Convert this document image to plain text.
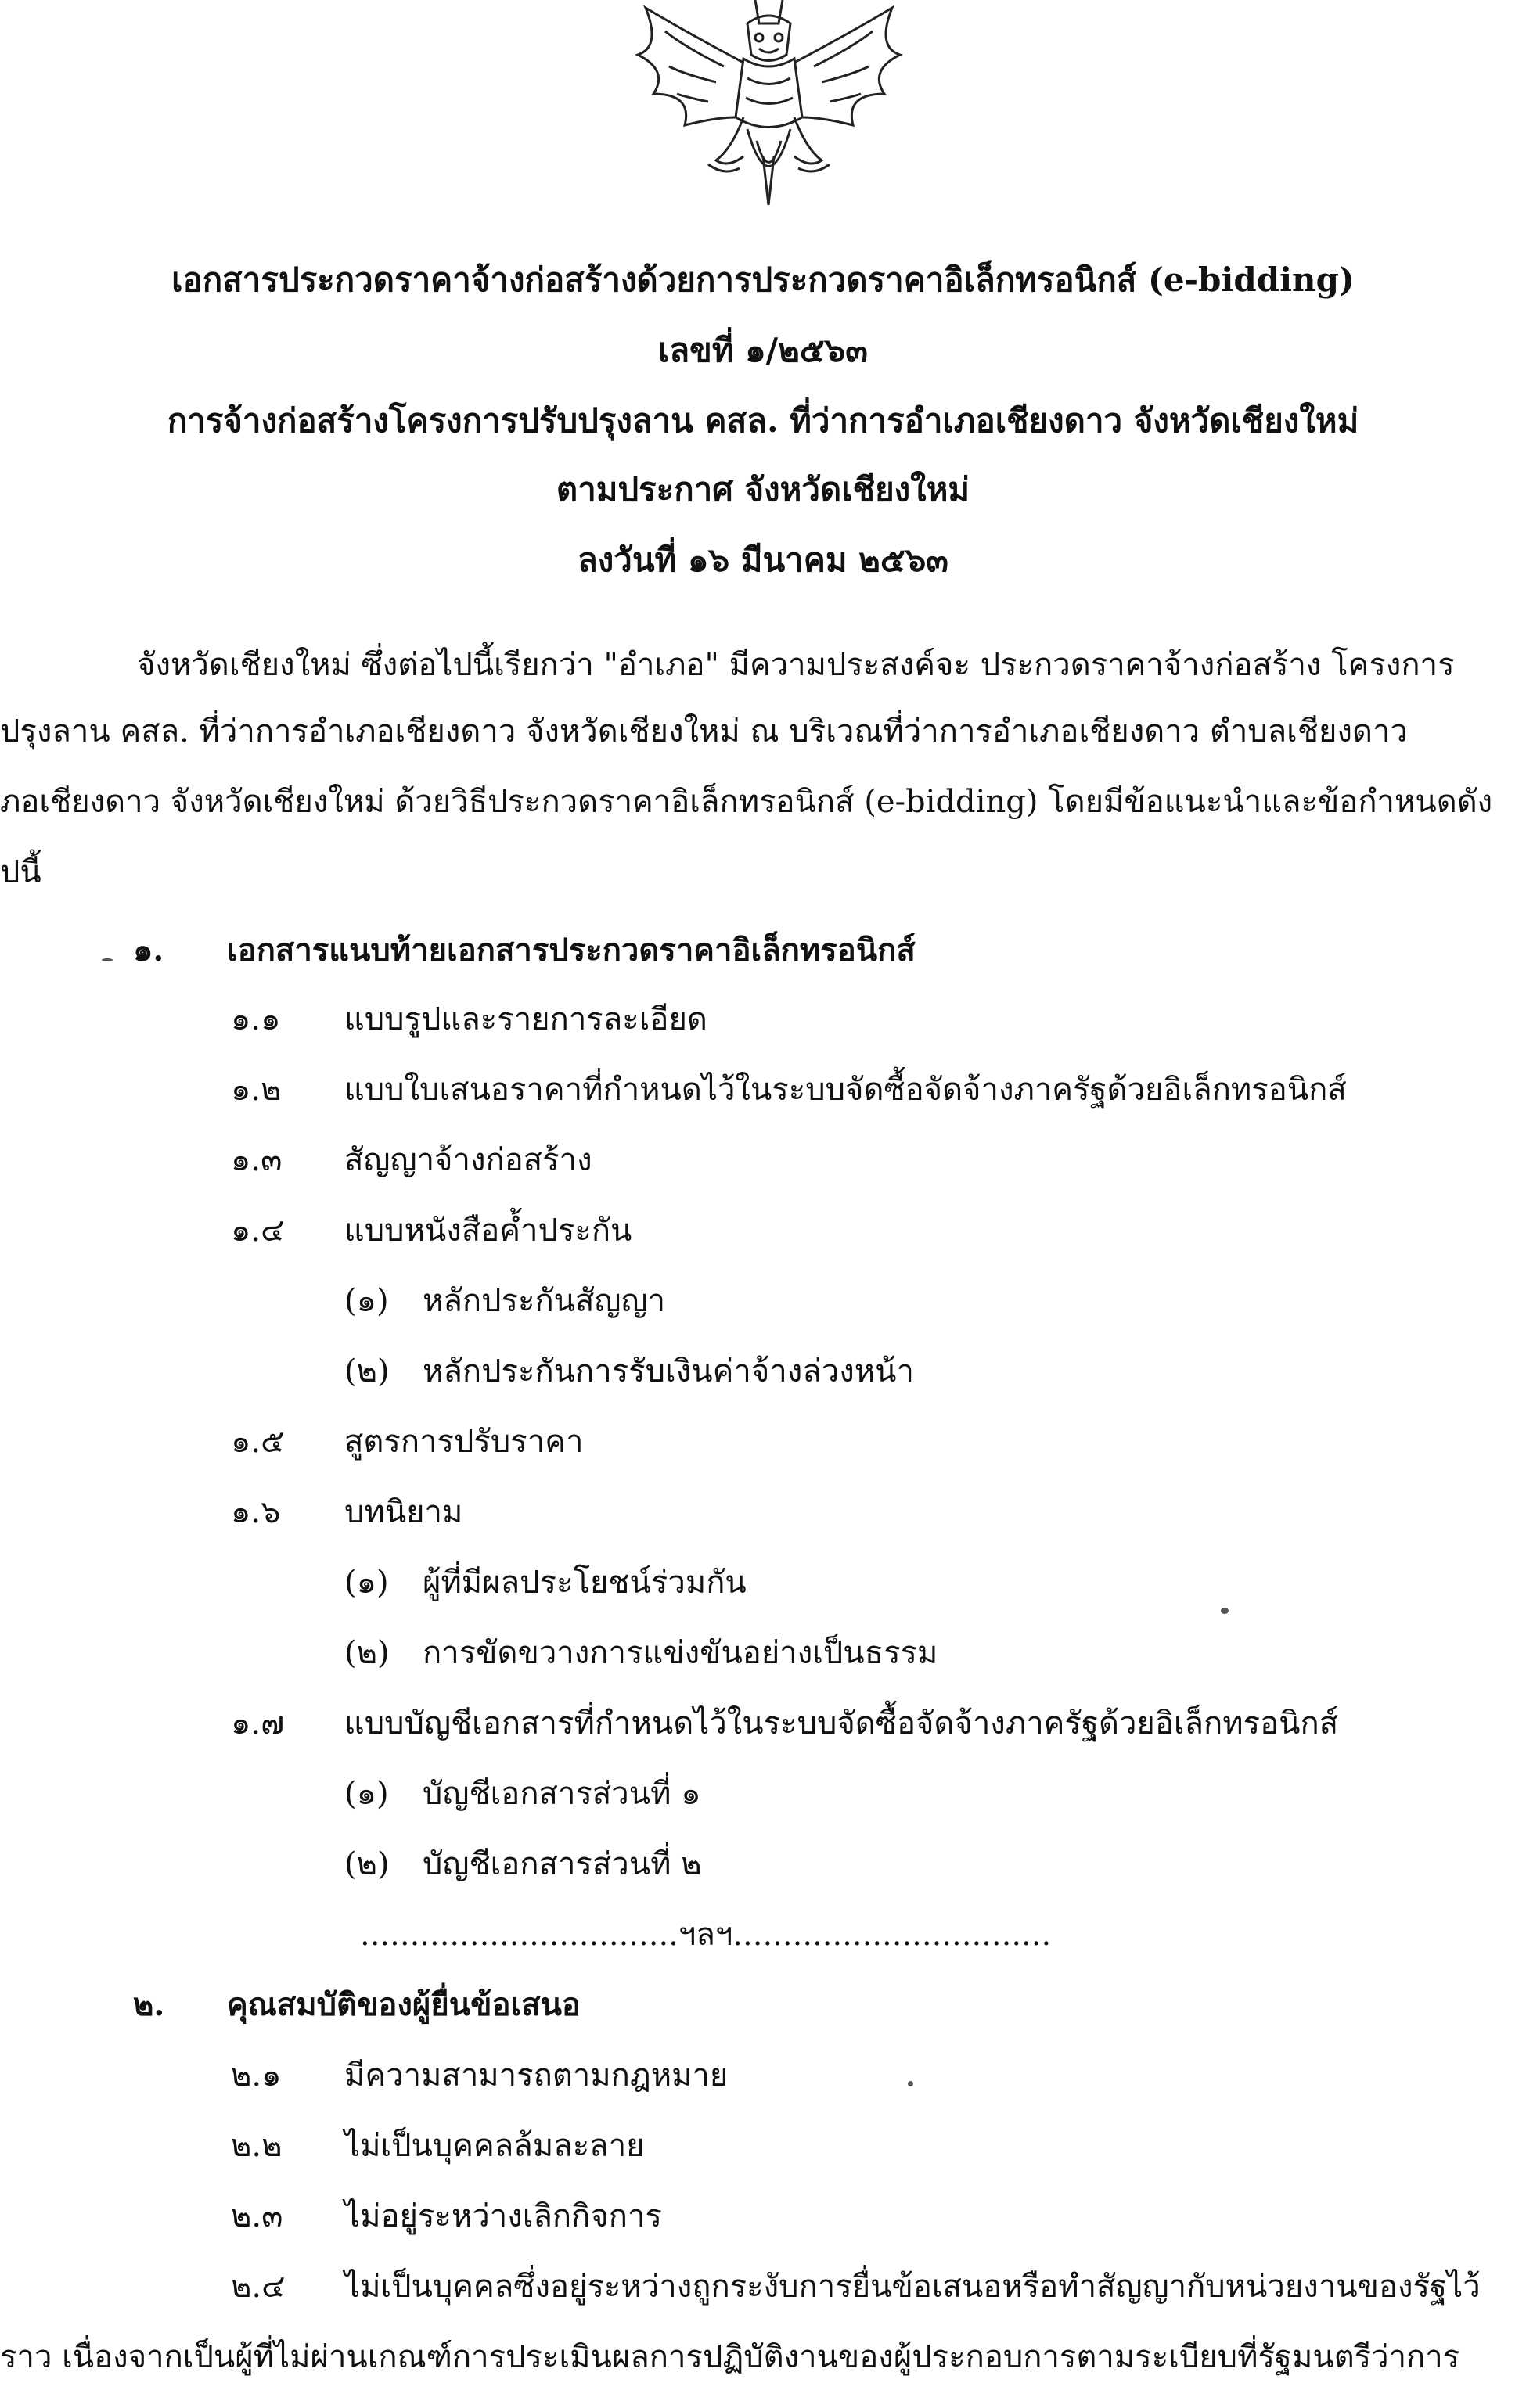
เอกสารประกวดราคาจ้างก่อสร้างด้วยการประกวดราคาอิเล็กทรอนิกส์ (e-bidding)
เลขที่ ๑/๒๕๖๓
การจ้างก่อสร้างโครงการปรับปรุงลาน คสล. ที่ว่าการอำเภอเชียงดาว จังหวัดเชียงใหม่
ตามประกาศ จังหวัดเชียงใหม่
ลงวันที่ ๑๖ มีนาคม ๒๕๖๓
จังหวัดเชียงใหม่ ซึ่งต่อไปนี้เรียกว่า "อำเภอ" มีความประสงค์จะ ประกวดราคาจ้างก่อสร้าง โครงการ
ปรุงลาน คสล. ที่ว่าการอำเภอเชียงดาว จังหวัดเชียงใหม่ ณ บริเวณที่ว่าการอำเภอเชียงดาว ตำบลเชียงดาว
ภอเชียงดาว จังหวัดเชียงใหม่ ด้วยวิธีประกวดราคาอิเล็กทรอนิกส์ (e-bidding) โดยมีข้อแนะนำและข้อกำหนดดัง
ปนี้
๑. เอกสารแนบท้ายเอกสารประกวดราคาอิเล็กทรอนิกส์
๑.๑ แบบรูปและรายการละเอียด
๑.๒ แบบใบเสนอราคาที่กำหนดไว้ในระบบจัดซื้อจัดจ้างภาครัฐด้วยอิเล็กทรอนิกส์
๑.๓ สัญญาจ้างก่อสร้าง
๑.๔ แบบหนังสือค้ำประกัน
(๑) หลักประกันสัญญา
(๒) หลักประกันการรับเงินค่าจ้างล่วงหน้า
๑.๕ สูตรการปรับราคา
๑.๖ บทนิยาม
(๑) ผู้ที่มีผลประโยชน์ร่วมกัน
(๒) การขัดขวางการแข่งขันอย่างเป็นธรรม
๑.๗ แบบบัญชีเอกสารที่กำหนดไว้ในระบบจัดซื้อจัดจ้างภาครัฐด้วยอิเล็กทรอนิกส์
(๑) บัญชีเอกสารส่วนที่ ๑
(๒) บัญชีเอกสารส่วนที่ ๒
................................ฯลฯ................................
๒. คุณสมบัติของผู้ยื่นข้อเสนอ
๒.๑ มีความสามารถตามกฎหมาย
๒.๒ ไม่เป็นบุคคลล้มละลาย
๒.๓ ไม่อยู่ระหว่างเลิกกิจการ
๒.๔ ไม่เป็นบุคคลซึ่งอยู่ระหว่างถูกระงับการยื่นข้อเสนอหรือทำสัญญากับหน่วยงานของรัฐไว้
ราว เนื่องจากเป็นผู้ที่ไม่ผ่านเกณฑ์การประเมินผลการปฏิบัติงานของผู้ประกอบการตามระเบียบที่รัฐมนตรีว่าการ
